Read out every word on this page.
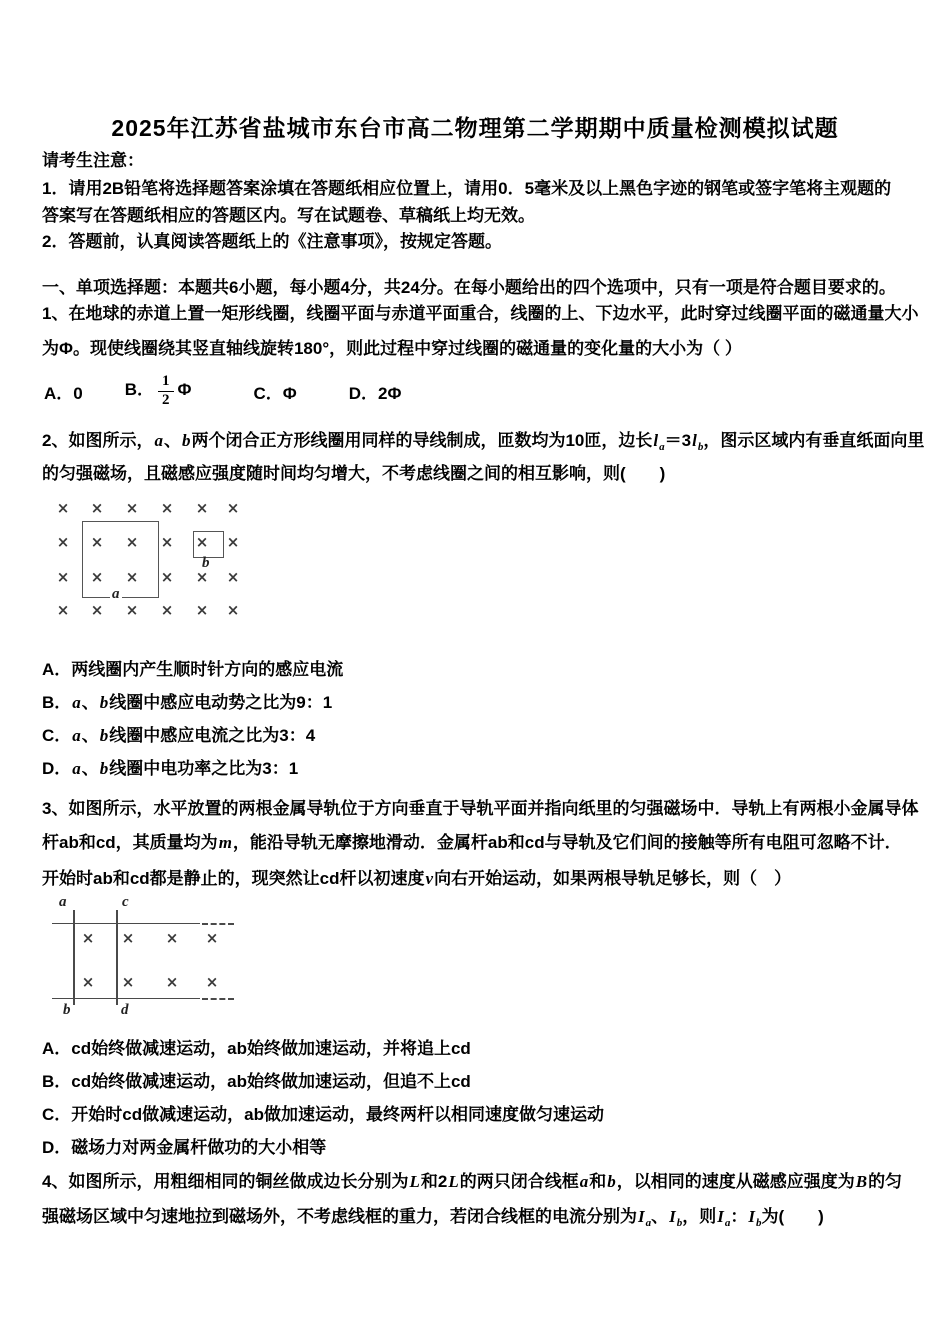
2025年江苏省盐城市东台市高二物理第二学期期中质量检测模拟试题
请考生注意：
1．请用2B铅笔将选择题答案涂填在答题纸相应位置上，请用0．5毫米及以上黑色字迹的钢笔或签字笔将主观题的
答案写在答题纸相应的答题区内。写在试题卷、草稿纸上均无效。
2．答题前，认真阅读答题纸上的《注意事项》，按规定答题。
一、单项选择题：本题共6小题，每小题4分，共24分。在每小题给出的四个选项中，只有一项是符合题目要求的。
1、在地球的赤道上置一矩形线圈，线圈平面与赤道平面重合，线圈的上、下边水平，此时穿过线圈平面的磁通量大小
为Φ。现使线圈绕其竖直轴线旋转180°，则此过程中穿过线圈的磁通量的变化量的大小为（ ）
A．0 B． $\frac{1}{2}$ Φ	C．Φ	D．2Φ
2、如图所示，a、b两个闭合正方形线圈用同样的导线制成，匝数均为10匝，边长$l_a=3l_b$，图示区域内有垂直纸面向里
的匀强磁场，且磁感应强度随时间均匀增大，不考虑线圈之间的相互影响，则(　　)
× × × × × ×
× × × × × ×
× × × × × ×
× × × × × ×
a
b
A．两线圈内产生顺时针方向的感应电流
B．a、b线圈中感应电动势之比为9：1
C．a、b线圈中感应电流之比为3：4
D．a、b线圈中电功率之比为3：1
3、如图所示，水平放置的两根金属导轨位于方向垂直于导轨平面并指向纸里的匀强磁场中．导轨上有两根小金属导体
杆ab和cd，其质量均为m，能沿导轨无摩擦地滑动．金属杆ab和cd与导轨及它们间的接触等所有电阻可忽略不计．
开始时ab和cd都是静止的，现突然让cd杆以初速度v向右开始运动，如果两根导轨足够长，则（　）
× × × ×
× × × ×
a	c
b	d
A．cd始终做减速运动，ab始终做加速运动，并将追上cd
B．cd始终做减速运动，ab始终做加速运动，但追不上cd
C．开始时cd做减速运动，ab做加速运动，最终两杆以相同速度做匀速运动
D．磁场力对两金属杆做功的大小相等
4、如图所示，用粗细相同的铜丝做成边长分别为L和2L的两只闭合线框a和b，以相同的速度从磁感应强度为B的匀
强磁场区域中匀速地拉到磁场外，不考虑线框的重力，若闭合线框的电流分别为$I_a$、$I_b$，则$I_a$：$I_b$为(　　)
